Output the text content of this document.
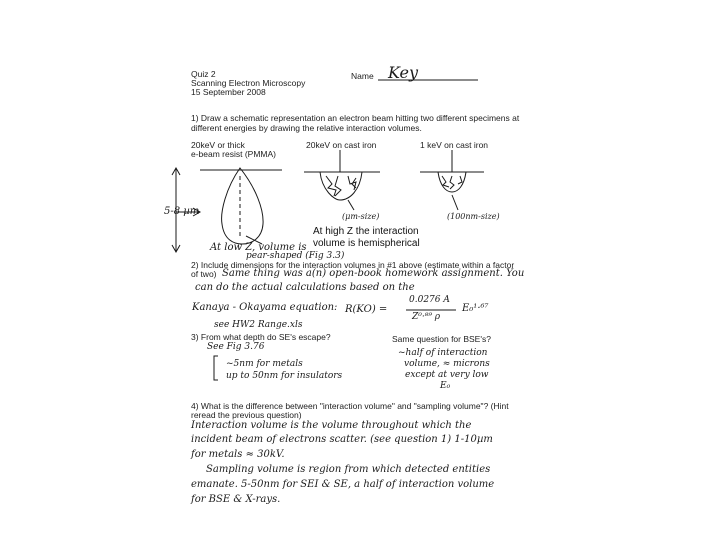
Quiz 2
Scanning Electron Microscopy
15 September 2008
Name Key
1) Draw a schematic representation an electron beam hitting two different specimens at
different energies by drawing the relative interaction volumes.
20keV or thick
e-beam resist (PMMA)
20keV on cast iron	1 keV on cast iron
5-8 µm
At low Z, volume is
pear-shaped (Fig 3.3)
(μm-size)	(100nm-size)
At high Z the interaction
volume is hemispherical
2) Include dimensions for the interaction volumes in #1 above (estimate within a factor
of two) Same thing was a(n) open-book homework assignment. You
can do the actual calculations based on the
Kanaya - Okayama equation: R(KO) =
0.0276 A
Z⁰·⁸⁹ ρ
E₀¹·⁶⁷
see HW2 Range.xls
3) From what depth do SE's escape?
See Fig 3.76
~5nm for metals
up to 50nm for insulators
Same question for BSE's?
~half of interaction
volume, ≈ microns
except at very low
E₀
4) What is the difference between "interaction volume" and "sampling volume"? (Hint
reread the previous question)
Interaction volume is the volume throughout which the
incident beam of electrons scatter. (see question 1) 1-10µm
for metals ≈ 30kV.
Sampling volume is region from which detected entities
emanate. 5-50nm for SEI & SE, a half of interaction volume
for BSE & X-rays.
